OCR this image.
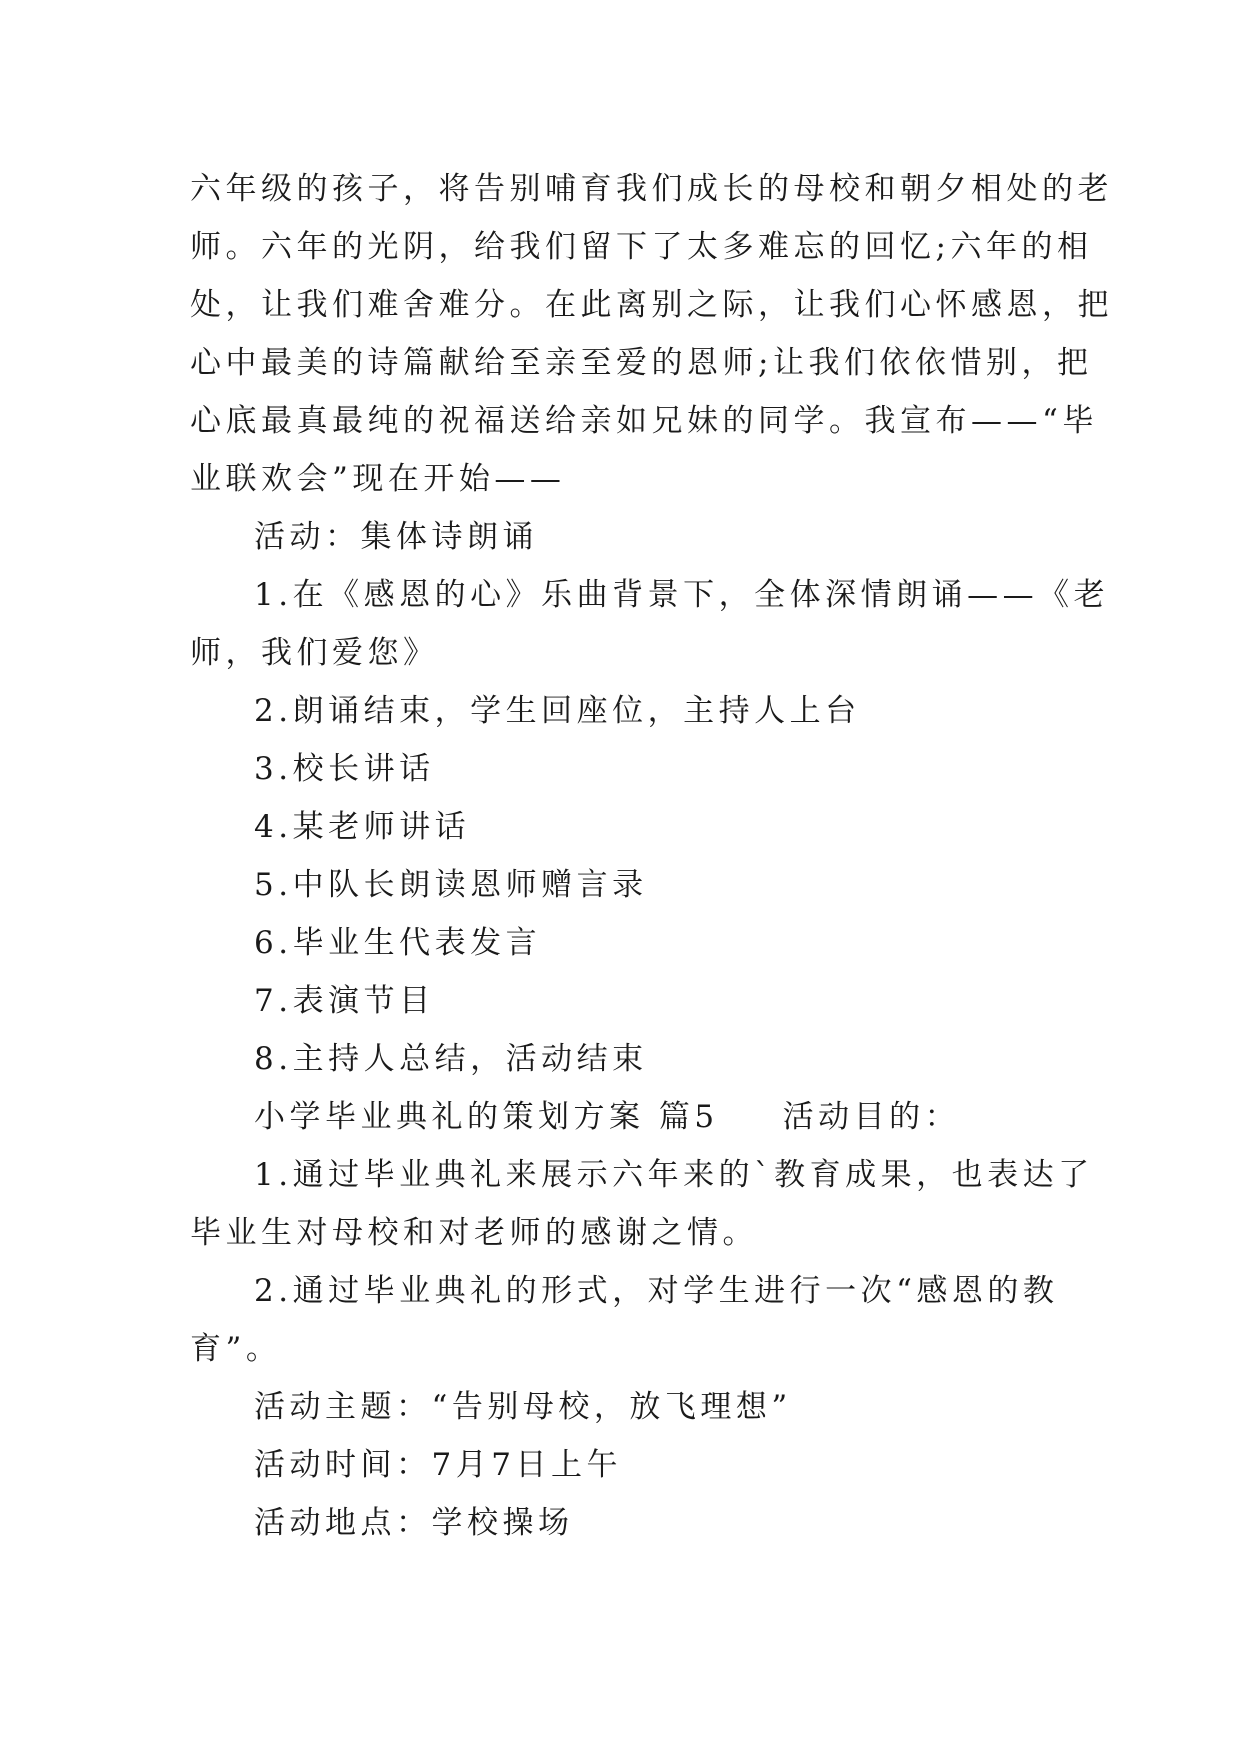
六年级的孩子，将告别哺育我们成长的母校和朝夕相处的老
师。六年的光阴，给我们留下了太多难忘的回忆;六年的相
处，让我们难舍难分。在此离别之际，让我们心怀感恩，把
心中最美的诗篇献给至亲至爱的恩师;让我们依依惜别，把
心底最真最纯的祝福送给亲如兄妹的同学。我宣布——“毕
业联欢会”现在开始——
活动：集体诗朗诵
1.在《感恩的心》乐曲背景下，全体深情朗诵——《老
师，我们爱您》
2.朗诵结束，学生回座位，主持人上台
3.校长讲话
4.某老师讲话
5.中队长朗读恩师赠言录
6.毕业生代表发言
7.表演节目
8.主持人总结，活动结束
小学毕业典礼的策划方案 篇5 活动目的：
1.通过毕业典礼来展示六年来的`教育成果，也表达了
毕业生对母校和对老师的感谢之情。
2.通过毕业典礼的形式，对学生进行一次“感恩的教
育”。
活动主题：“告别母校，放飞理想”
活动时间：7月7日上午
活动地点：学校操场
